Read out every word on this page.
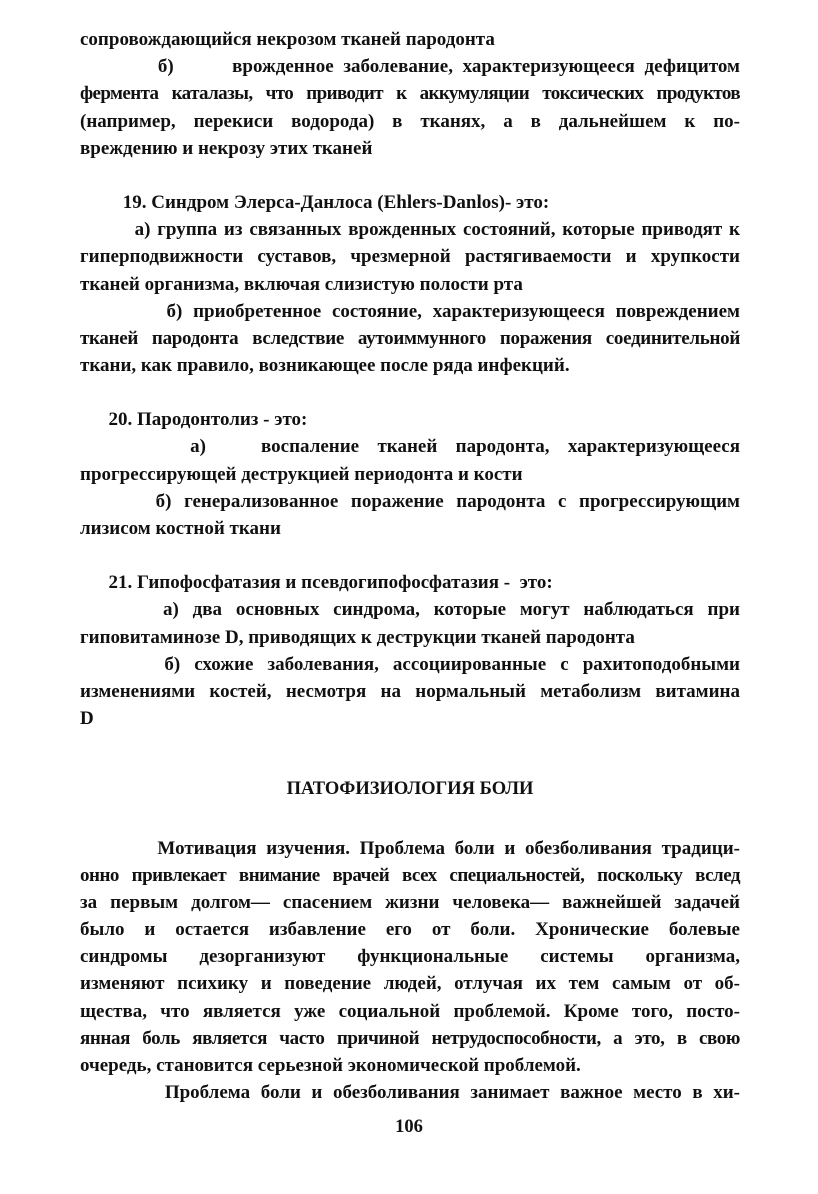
сопровождающийся некрозом тканей пародонта
б)      врожденное заболевание, характеризующееся дефицитом
фермента каталазы, что приводит к аккумуляции токсических продуктов
(например, перекиси водорода) в тканях, а в дальнейшем к по-
вреждению и некрозу этих тканей
19. Синдром Элерса-Данлоса (Ehlers-Danlos)- это:
а) группа из связанных врожденных состояний, которые приводят к
гиперподвижности суставов, чрезмерной растягиваемости и хрупкости
тканей организма, включая слизистую полости рта
б) приобретенное состояние, характеризующееся повреждением
тканей пародонта вследствие аутоиммунного поражения соединительной
ткани, как правило, возникающее после ряда инфекций.
20. Пародонтолиз - это:
а)   воспаление тканей пародонта, характеризующееся
прогрессирующей деструкцией периодонта и кости
б) генерализованное поражение пародонта с прогрессирующим
лизисом костной ткани
21. Гипофосфатазия и псевдогипофосфатазия -  это:
а) два основных синдрома, которые могут наблюдаться при
гиповитаминозе D, приводящих к деструкции тканей пародонта
б) схожие заболевания, ассоциированные с рахитоподобными
изменениями костей, несмотря на нормальный метаболизм витамина
D
ПАТОФИЗИОЛОГИЯ БОЛИ
Мотивация изучения. Проблема боли и обезболивания традици-
онно привлекает внимание врачей всех специальностей, поскольку вслед
за первым долгом— спасением жизни человека— важнейшей задачей
было и остается избавление его от боли. Хронические болевые
синдромы дезорганизуют функциональные системы организма,
изменяют психику и поведение людей, отлучая их тем самым от об-
щества, что является уже социальной проблемой. Кроме того, посто-
янная боль является часто причиной нетрудоспособности, а это, в свою
очередь, становится серьезной экономической проблемой.
Проблема боли и обезболивания занимает важное место в хи-
106
